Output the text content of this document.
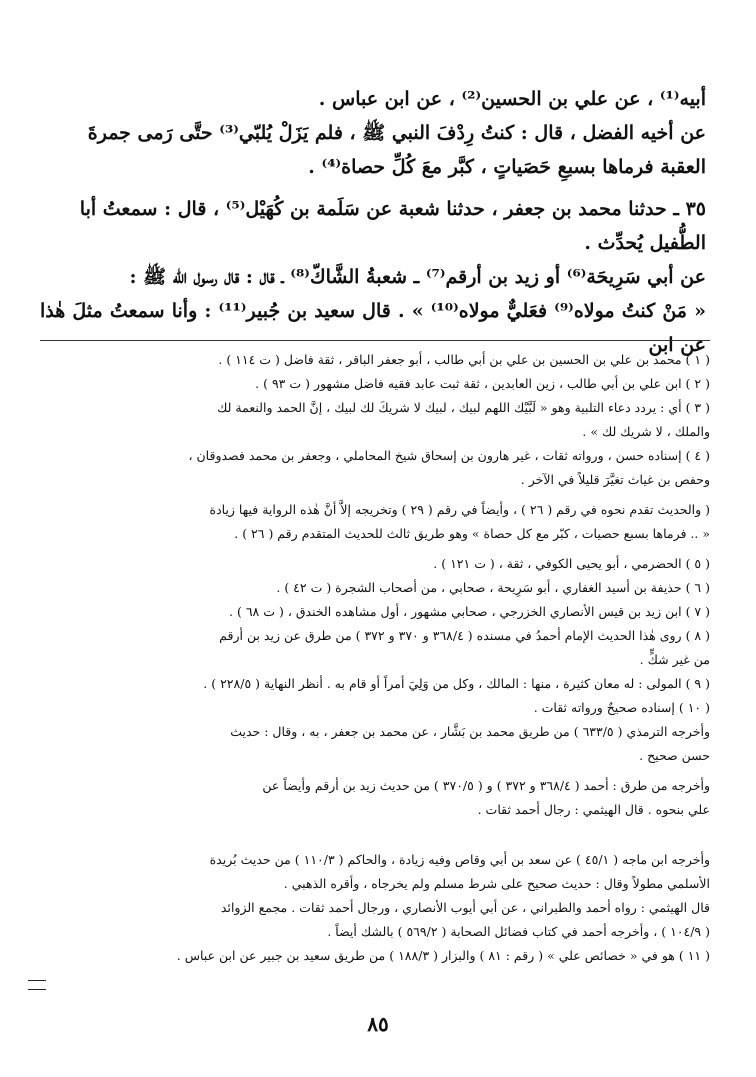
أبيه⁽¹⁾ ، عن علي بن الحسين⁽²⁾ ، عن ابن عباس .

عن أخيه الفضل ، قال : كنتُ رِدْفَ النبي ﷺ ، فلم يَزَلْ يُلبّي⁽³⁾ حتَّى رَمى جمرةَ

العقبة فرماها بسبعِ حَصَياتٍ ، كبَّر معَ كُلِّ حصاة⁽⁴⁾ .

٣٥ ـ حدثنا محمد بن جعفر ، حدثنا شعبة عن سَلَمة بن كُهَيْل⁽⁵⁾ ، قال : سمعتُ أبا

الطُّفيل يُحدِّث .

عن أبي سَرِيحَة⁽⁶⁾ أو زيد بن أرقم⁽⁷⁾ ـ شعبةُ الشَّاكّ⁽⁸⁾ ـ قال : قال رسول الله ﷺ :

« مَنْ كنتُ مولاه⁽⁹⁾ فعَليٌّ مولاه⁽¹⁰⁾ » . قال سعيد بن جُبير⁽¹¹⁾ : وأنا سمعتُ مثلَ هٰذا عن ابن

( ١ ) محمد بن علي بن الحسين بن علي بن أبي طالب ، أبو جعفر الباقر ، ثقة فاضل ( ت ١١٤ ) .

( ٢ ) ابن علي بن أبي طالب ، زين العابدين ، ثقة ثبت عابد فقيه فاضل مشهور ( ت ٩٣ ) .

( ٣ ) أي : يردد دعاء التلبية وهو « لَبَّيْك اللهم لبيك ، لبيك لا شريكَ لك لبيك ، إنَّ الحمد والنعمة لك

والملك ، لا شريك لك » .

( ٤ ) إسناده حسن ، ورواته ثقات ، غير هارون بن إسحاق شيخ المحاملي ، وجعفر بن محمد فصدوقان ،

وحفص بن غياث تغيَّرَ قليلاً في الآخر .

( والحديث تقدم نحوه في رقم ( ٢٦ ) ، وأيضاً في رقم ( ٢٩ ) وتخريجه إلاَّ أنَّ هٰذه الرواية فيها زيادة

« .. فرماها بسبع حصيات ، كبّر مع كل حصاة » وهو طريق ثالث للحديث المتقدم رقم ( ٢٦ ) .

( ٥ ) الحضرمي ، أبو يحيى الكوفي ، ثقة ، ( ت ١٢١ ) .

( ٦ ) حذيفة بن أسيد الغفاري ، أبو سَرِيحة ، صحابي ، من أصحاب الشجرة ( ت ٤٢ ) .

( ٧ ) ابن زيد بن قيس الأنصاري الخزرجي ، صحابي مشهور ، أول مشاهده الخندق ، ( ت ٦٨ ) .

( ٨ ) روى هٰذا الحديث الإمام أحمدُ في مسنده ( ٣٦٨/٤ و ٣٧٠ و ٣٧٢ ) من طرق عن زيد بن أرقم

من غير شكٍّ .

( ٩ ) المولى : له معان كثيرة ، منها : المالك ، وكل من وَلِيَ أمراً أو قام به . أنظر النهاية ( ٢٢٨/٥ ) .

( ١٠ ) إسناده صحيحٌ ورواته ثقات .

وأخرجه الترمذي ( ٦٣٣/٥ ) من طريق محمد بن بَشَّار ، عن محمد بن جعفر ، به ، وقال : حديث

حسن صحيح .

وأخرجه من طرق : أحمد ( ٣٦٨/٤ و ٣٧٢ ) و ( ٣٧٠/٥ ) من حديث زيد بن أرقم وأيضاً عن

علي بنحوه . قال الهيثمي : رجال أحمد ثقات .

وأخرجه ابن ماجه ( ٤٥/١ ) عن سعد بن أبي وقاص وفيه زيادة ، والحاكم ( ١١٠/٣ ) من حديث بُريدة

الأسلمي مطولاً وقال : حديث صحيح على شرط مسلم ولم يخرجاه ، وأقره الذهبي .

قال الهيثمي : رواه أحمد والطبراني ، عن أبي أيوب الأنصاري ، ورجال أحمد ثقات . مجمع الزوائد

( ١٠٤/٩ ) ، وأخرجه أحمد في كتاب فضائل الصحابة ( ٥٦٩/٢ ) بالشك أيضاً .

( ١١ ) هو في « خصائص علي » ( رقم : ٨١ ) والبزار ( ١٨٨/٣ ) من طريق سعيد بن جبير عن ابن عباس .

٨٥
